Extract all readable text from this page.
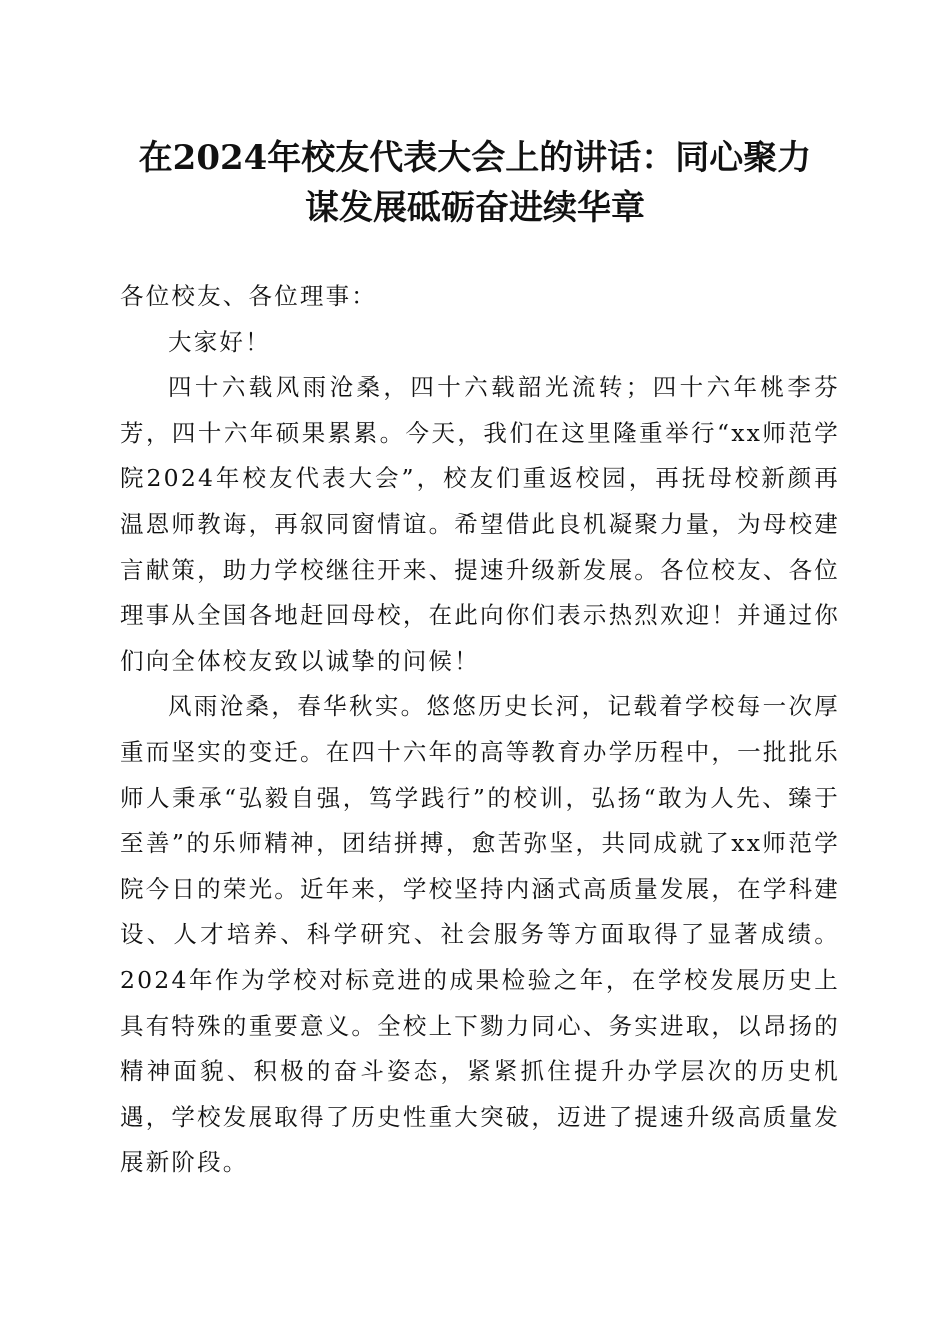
在2024年校友代表大会上的讲话：同心聚力
谋发展砥砺奋进续华章

各位校友、各位理事：

大家好！

四十六载风雨沧桑，四十六载韶光流转；四十六年桃李芬芳，四十六年硕果累累。今天，我们在这里隆重举行“xx师范学院2024年校友代表大会”，校友们重返校园，再抚母校新颜再温恩师教诲，再叙同窗情谊。希望借此良机凝聚力量，为母校建言献策，助力学校继往开来、提速升级新发展。各位校友、各位理事从全国各地赶回母校，在此向你们表示热烈欢迎！并通过你们向全体校友致以诚挚的问候！

风雨沧桑，春华秋实。悠悠历史长河，记载着学校每一次厚重而坚实的变迁。在四十六年的高等教育办学历程中，一批批乐师人秉承“弘毅自强，笃学践行”的校训，弘扬“敢为人先、臻于至善”的乐师精神，团结拼搏，愈苦弥坚，共同成就了xx师范学院今日的荣光。近年来，学校坚持内涵式高质量发展，在学科建设、人才培养、科学研究、社会服务等方面取得了显著成绩。2024年作为学校对标竞进的成果检验之年，在学校发展历史上具有特殊的重要意义。全校上下勠力同心、务实进取，以昂扬的精神面貌、积极的奋斗姿态，紧紧抓住提升办学层次的历史机遇，学校发展取得了历史性重大突破，迈进了提速升级高质量发展新阶段。
